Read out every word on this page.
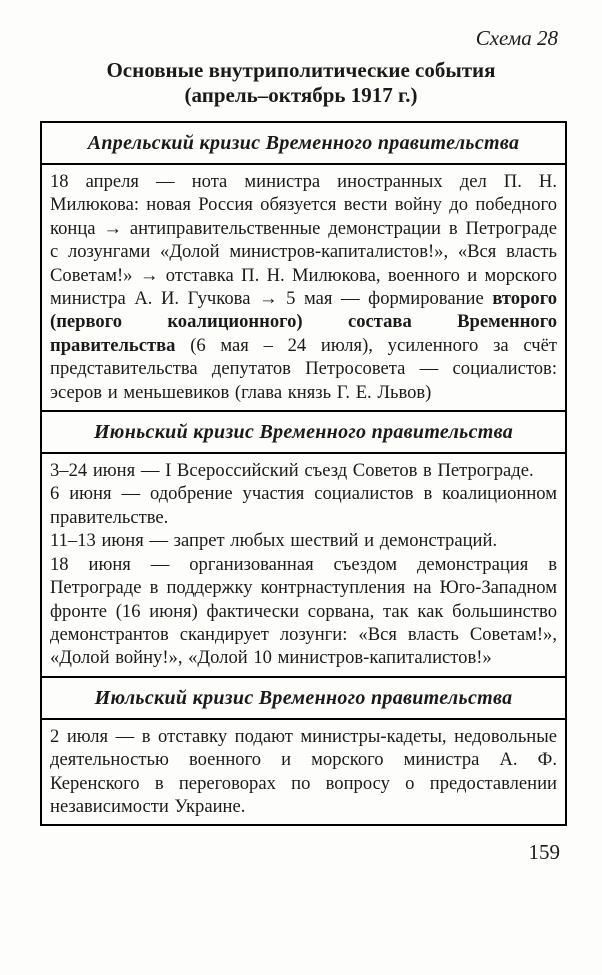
Схема 28
Основные внутриполитические события
(апрель–октябрь 1917 г.)
Апрельский кризис Временного правительства

18 апреля — нота министра иностранных дел П. Н. Милюкова: новая Россия обязуется вести войну до победного конца → антиправительственные демонстрации в Петрограде с лозунгами «Долой министров-капиталистов!», «Вся власть Советам!» → отставка П. Н. Милюкова, военного и морского министра А. И. Гучкова → 5 мая — формирование второго (первого коалиционного) состава Временного правительства (6 мая – 24 июля), усиленного за счёт представительства депутатов Петросовета — социалистов: эсеров и меньшевиков (глава князь Г. Е. Львов)

Июньский кризис Временного правительства

3–24 июня — I Всероссийский съезд Советов в Петрограде.

6 июня — одобрение участия социалистов в коалиционном правительстве.

11–13 июня — запрет любых шествий и демонстраций.

18 июня — организованная съездом демонстрация в Петрограде в поддержку контрнаступления на Юго-Западном фронте (16 июня) фактически сорвана, так как большинство демонстрантов скандирует лозунги: «Вся власть Советам!», «Долой войну!», «Долой 10 министров-капиталистов!»

Июльский кризис Временного правительства

2 июля — в отставку подают министры-кадеты, недовольные деятельностью военного и морского министра А. Ф. Керенского в переговорах по вопросу о предоставлении независимости Украине.

159
